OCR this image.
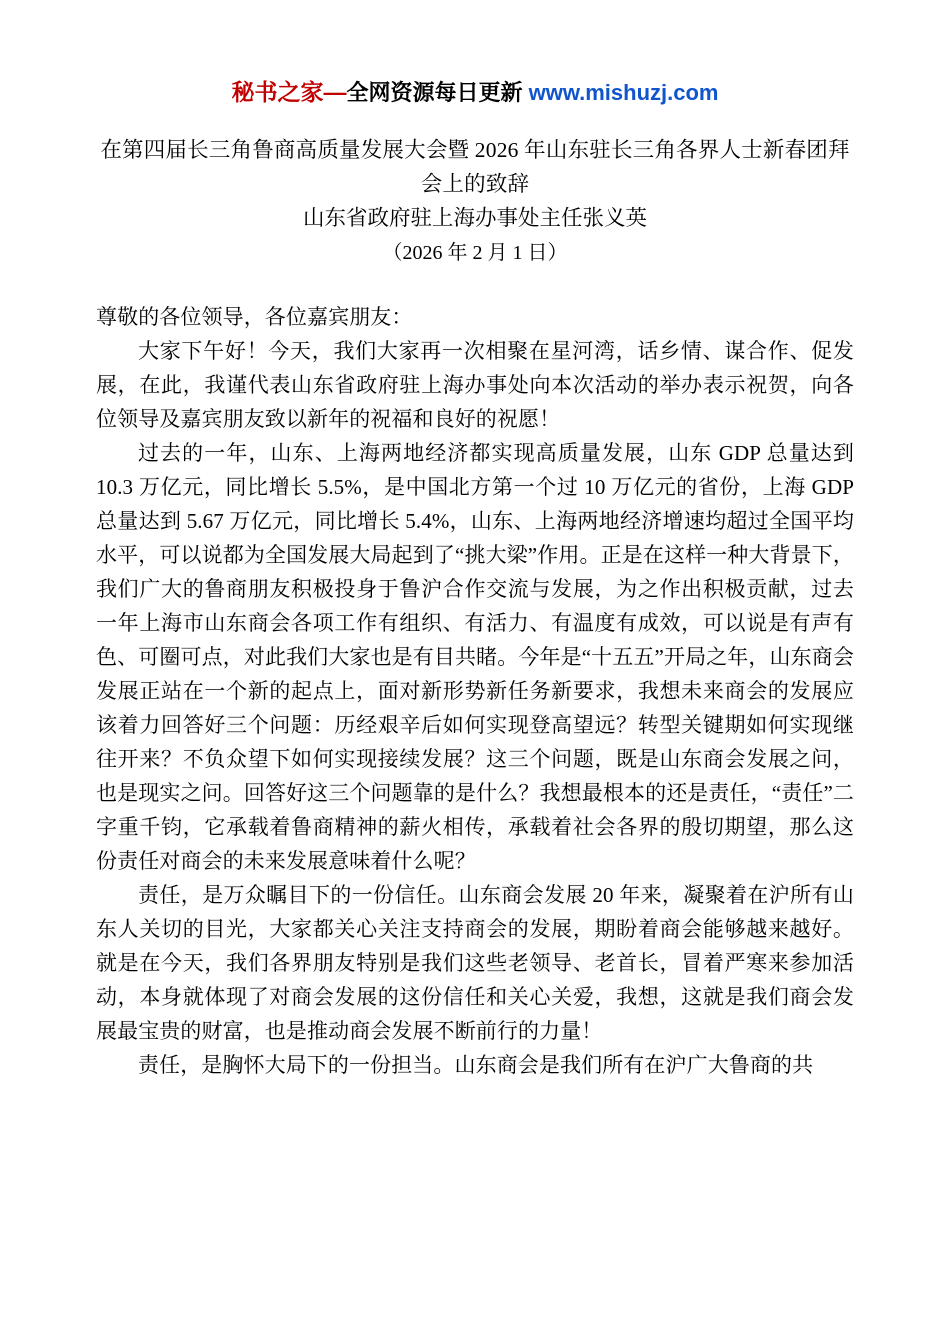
秘书之家—全网资源每日更新 www.mishuzj.com
在第四届长三角鲁商高质量发展大会暨 2026 年山东驻长三角各界人士新春团拜会上的致辞
山东省政府驻上海办事处主任张义英
（2026 年 2 月 1 日）

尊敬的各位领导，各位嘉宾朋友：

大家下午好！今天，我们大家再一次相聚在星河湾，话乡情、谋合作、促发展，在此，我谨代表山东省政府驻上海办事处向本次活动的举办表示祝贺，向各位领导及嘉宾朋友致以新年的祝福和良好的祝愿！

过去的一年，山东、上海两地经济都实现高质量发展，山东 GDP 总量达到 10.3 万亿元，同比增长 5.5%，是中国北方第一个过 10 万亿元的省份，上海 GDP 总量达到 5.67 万亿元，同比增长 5.4%，山东、上海两地经济增速均超过全国平均水平，可以说都为全国发展大局起到了“挑大梁”作用。正是在这样一种大背景下，我们广大的鲁商朋友积极投身于鲁沪合作交流与发展，为之作出积极贡献，过去一年上海市山东商会各项工作有组织、有活力、有温度有成效，可以说是有声有色、可圈可点，对此我们大家也是有目共睹。今年是“十五五”开局之年，山东商会发展正站在一个新的起点上，面对新形势新任务新要求，我想未来商会的发展应该着力回答好三个问题：历经艰辛后如何实现登高望远？转型关键期如何实现继往开来？不负众望下如何实现接续发展？这三个问题，既是山东商会发展之问，也是现实之问。回答好这三个问题靠的是什么？我想最根本的还是责任，“责任”二字重千钧，它承载着鲁商精神的薪火相传，承载着社会各界的殷切期望，那么这份责任对商会的未来发展意味着什么呢？

责任，是万众瞩目下的一份信任。山东商会发展 20 年来，凝聚着在沪所有山东人关切的目光，大家都关心关注支持商会的发展，期盼着商会能够越来越好。就是在今天，我们各界朋友特别是我们这些老领导、老首长，冒着严寒来参加活动，本身就体现了对商会发展的这份信任和关心关爱，我想，这就是我们商会发展最宝贵的财富，也是推动商会发展不断前行的力量！

责任，是胸怀大局下的一份担当。山东商会是我们所有在沪广大鲁商的共
